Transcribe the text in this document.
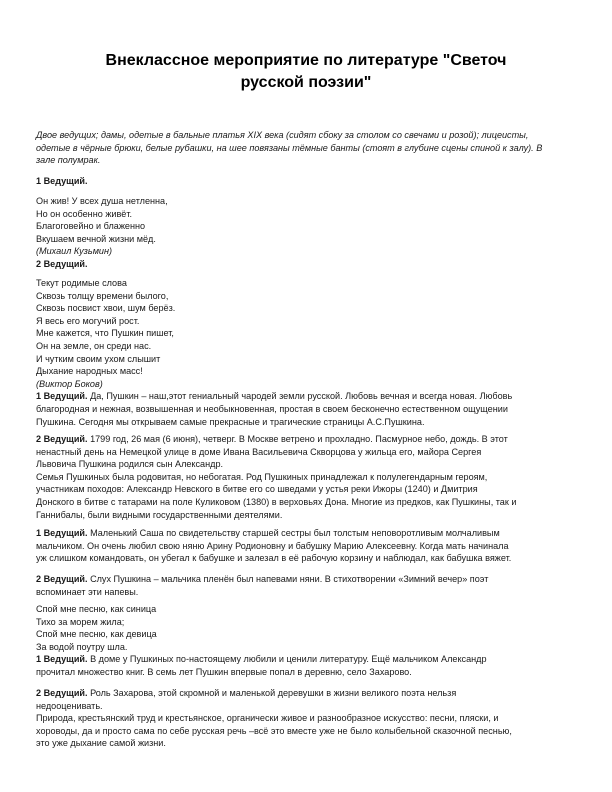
Внеклассное мероприятие по литературе "Светоч
русской поэзии"
Двое ведущих; дамы, одетые в бальные платья XIX века (сидят сбоку за столом со свечами и розой); лицеисты,
одетые в чёрные брюки, белые рубашки, на шее повязаны тёмные банты (стоят в глубине сцены спиной к залу). В
зале полумрак.
1 Ведущий.
Он жив! У всех душа нетленна,
Но он особенно живёт.
Благоговейно и блаженно
Вкушаем вечной жизни мёд.
(Михаил Кузьмин)
2 Ведущий.
Текут родимые слова
Сквозь толщу времени былого,
Сквозь посвист хвои, шум берёз.
Я весь его могучий рост.
Мне кажется, что Пушкин пишет,
Он на земле, он среди нас.
И чутким своим ухом слышит
Дыхание народных масс!
(Виктор Боков)
1 Ведущий. Да, Пушкин – наш,этот гениальный чародей земли русской. Любовь вечная и всегда новая. Любовь
благородная и нежная, возвышенная и необыкновенная, простая в своем бесконечно естественном ощущении
Пушкина. Сегодня мы открываем самые прекрасные и трагические страницы А.С.Пушкина.
2 Ведущий. 1799 год, 26 мая (6 июня), четверг. В Москве ветрено и прохладно. Пасмурное небо, дождь. В этот
ненастный день на Немецкой улице в доме Ивана Васильевича Скворцова у жильца его, майора Сергея
Львовича Пушкина родился сын Александр.
Семья Пушкиных была родовитая, но небогатая. Род Пушкиных принадлежал к полулегендарным героям,
участникам походов: Александр Невского в битве его со шведами у устья реки Ижоры (1240) и Дмитрия
Донского в битве с татарами на поле Куликовом (1380) в верховьях Дона. Многие из предков, как Пушкины, так и
Ганнибалы, были видными государственными деятелями.
1 Ведущий. Маленький Саша по свидетельству старшей сестры был толстым неповоротливым молчаливым
мальчиком. Он очень любил свою няню Арину Родионовну и бабушку Марию Алексеевну. Когда мать начинала
уж слишком командовать, он убегал к бабушке и залезал в её рабочую корзину и наблюдал, как бабушка вяжет.
2 Ведущий. Слух Пушкина – мальчика пленён был напевами няни. В стихотворении «Зимний вечер» поэт
вспоминает эти напевы.
Спой мне песню, как синица
Тихо за морем жила;
Спой мне песню, как девица
За водой поутру шла.
1 Ведущий. В доме у Пушкиных по-настоящему любили и ценили литературу. Ещё мальчиком Александр
прочитал множество книг. В семь лет Пушкин впервые попал в деревню, село Захарово.
2 Ведущий. Роль Захарова, этой скромной и маленькой деревушки в жизни великого поэта нельзя
недооценивать.
Природа, крестьянский труд и крестьянское, органически живое и разнообразное искусство: песни, пляски, и
хороводы, да и просто сама по себе русская речь –всё это вместе уже не было колыбельной сказочной песнью,
это уже дыхание самой жизни.
